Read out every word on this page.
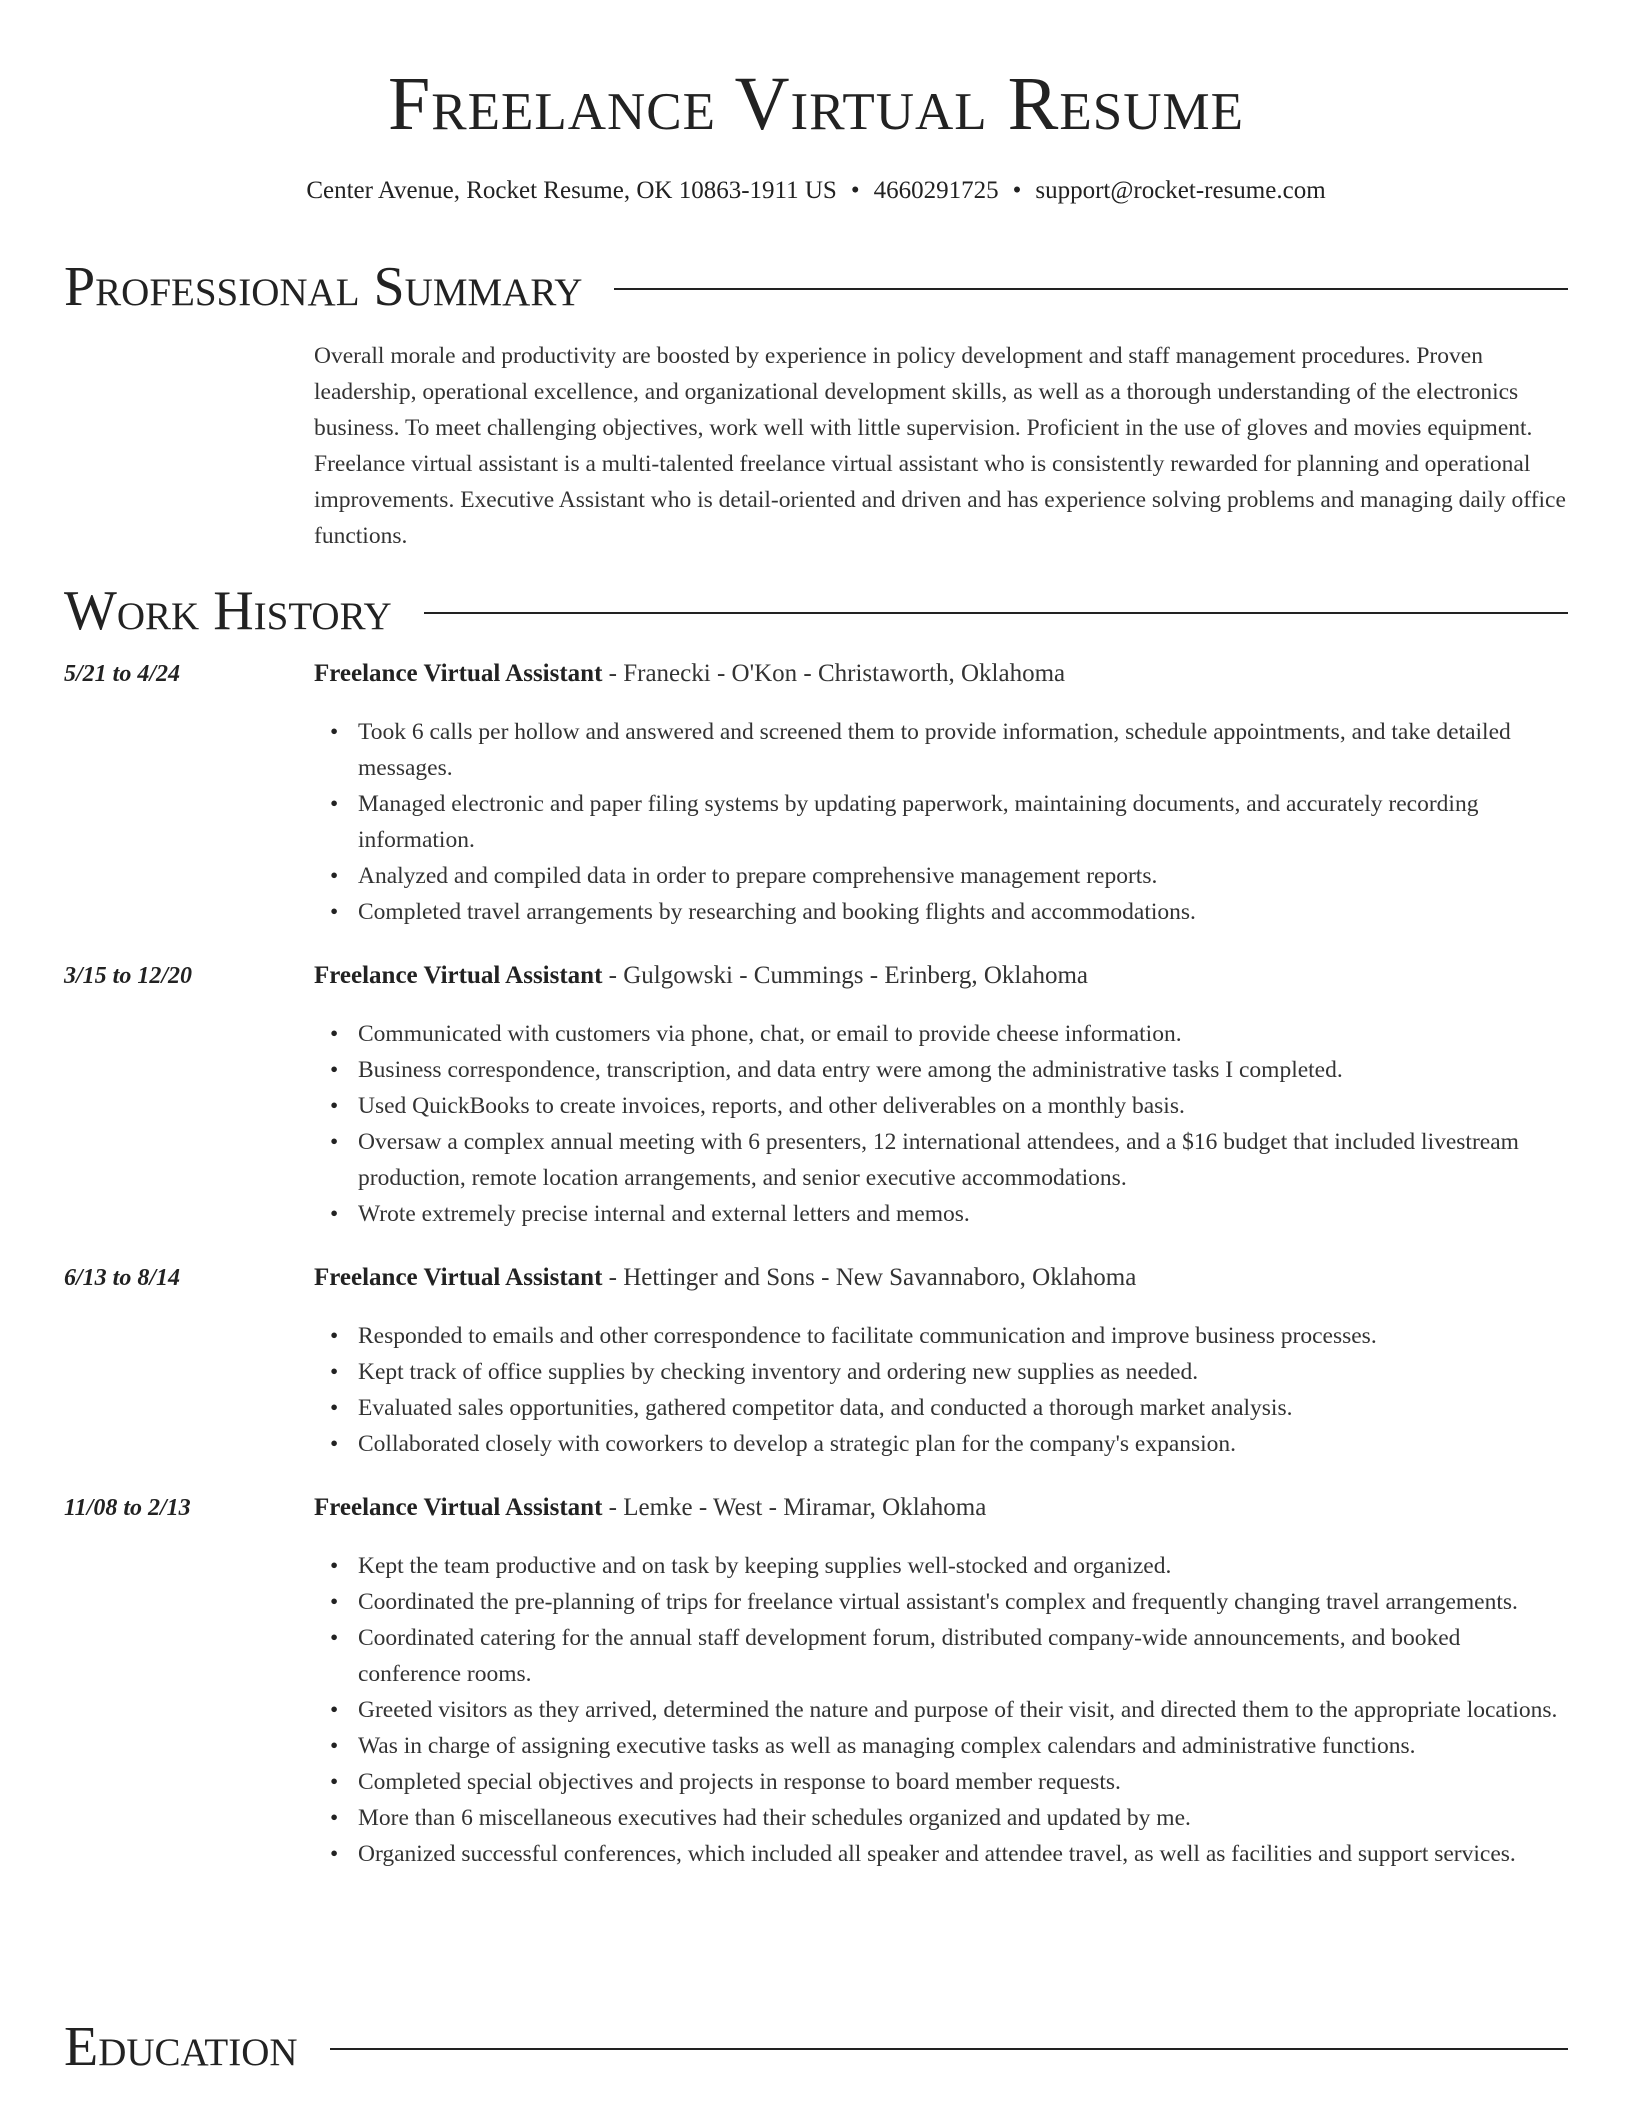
Freelance Virtual Resume
Center Avenue, Rocket Resume, OK 10863-1911 US • 4660291725 • support@rocket-resume.com
Professional Summary
Overall morale and productivity are boosted by experience in policy development and staff management procedures. Proven leadership, operational excellence, and organizational development skills, as well as a thorough understanding of the electronics business. To meet challenging objectives, work well with little supervision. Proficient in the use of gloves and movies equipment. Freelance virtual assistant is a multi-talented freelance virtual assistant who is consistently rewarded for planning and operational improvements. Executive Assistant who is detail-oriented and driven and has experience solving problems and managing daily office functions.
Work History
5/21 to 4/24	Freelance Virtual Assistant - Franecki - O'Kon - Christaworth, Oklahoma
• Took 6 calls per hollow and answered and screened them to provide information, schedule appointments, and take detailed messages.
• Managed electronic and paper filing systems by updating paperwork, maintaining documents, and accurately recording information.
• Analyzed and compiled data in order to prepare comprehensive management reports.
• Completed travel arrangements by researching and booking flights and accommodations.
3/15 to 12/20	Freelance Virtual Assistant - Gulgowski - Cummings - Erinberg, Oklahoma
• Communicated with customers via phone, chat, or email to provide cheese information.
• Business correspondence, transcription, and data entry were among the administrative tasks I completed.
• Used QuickBooks to create invoices, reports, and other deliverables on a monthly basis.
• Oversaw a complex annual meeting with 6 presenters, 12 international attendees, and a $16 budget that included livestream production, remote location arrangements, and senior executive accommodations.
• Wrote extremely precise internal and external letters and memos.
6/13 to 8/14	Freelance Virtual Assistant - Hettinger and Sons - New Savannaboro, Oklahoma
• Responded to emails and other correspondence to facilitate communication and improve business processes.
• Kept track of office supplies by checking inventory and ordering new supplies as needed.
• Evaluated sales opportunities, gathered competitor data, and conducted a thorough market analysis.
• Collaborated closely with coworkers to develop a strategic plan for the company's expansion.
11/08 to 2/13	Freelance Virtual Assistant - Lemke - West - Miramar, Oklahoma
• Kept the team productive and on task by keeping supplies well-stocked and organized.
• Coordinated the pre-planning of trips for freelance virtual assistant's complex and frequently changing travel arrangements.
• Coordinated catering for the annual staff development forum, distributed company-wide announcements, and booked conference rooms.
• Greeted visitors as they arrived, determined the nature and purpose of their visit, and directed them to the appropriate locations.
• Was in charge of assigning executive tasks as well as managing complex calendars and administrative functions.
• Completed special objectives and projects in response to board member requests.
• More than 6 miscellaneous executives had their schedules organized and updated by me.
• Organized successful conferences, which included all speaker and attendee travel, as well as facilities and support services.
Education
